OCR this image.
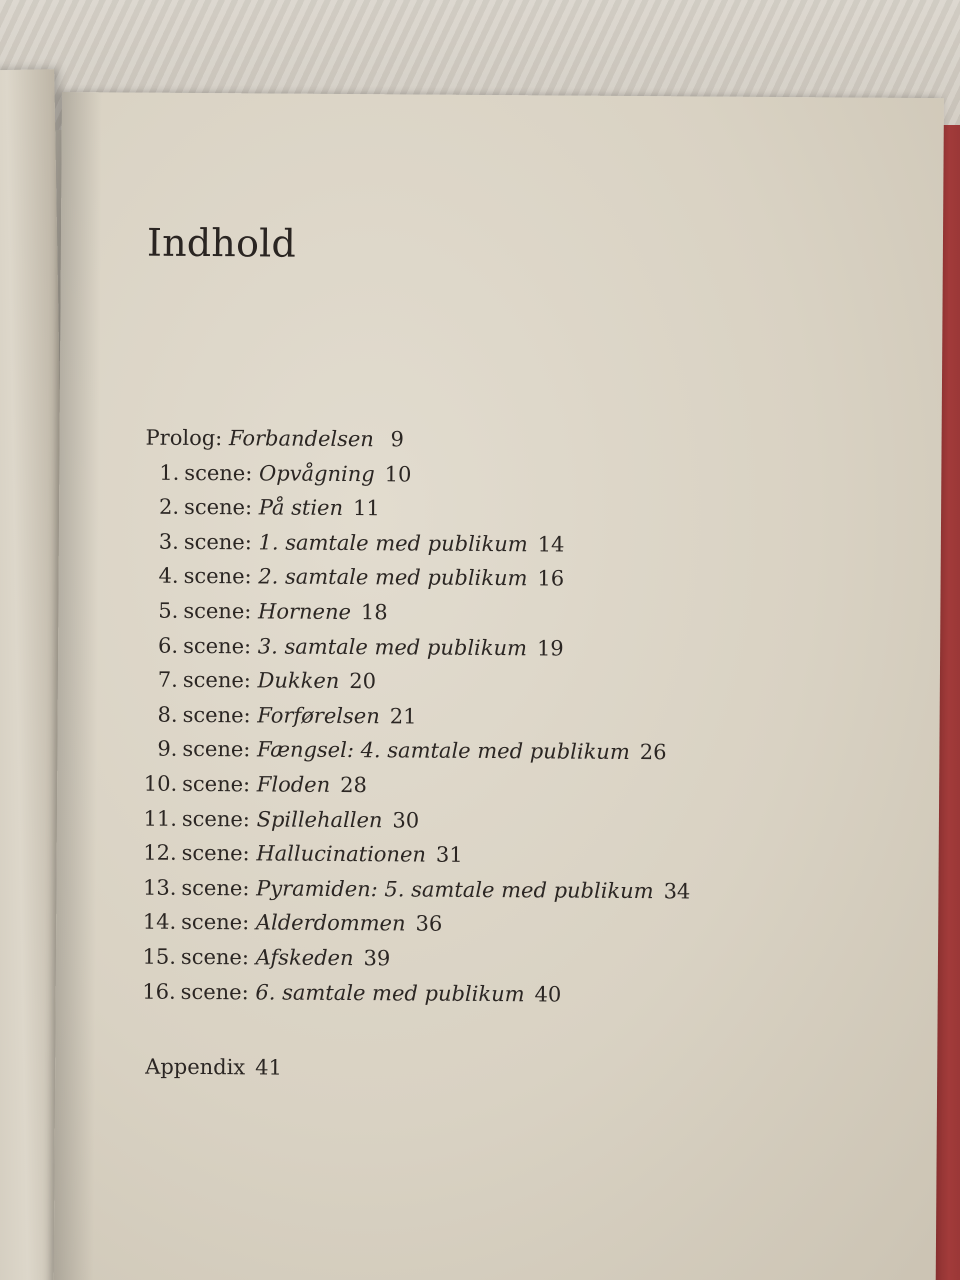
Indhold
Prolog: Forbandelsen 9
1. scene: Opvågning 10
2. scene: På stien 11
3. scene: 1. samtale med publikum 14
4. scene: 2. samtale med publikum 16
5. scene: Hornene 18
6. scene: 3. samtale med publikum 19
7. scene: Dukken 20
8. scene: Forførelsen 21
9. scene: Fængsel: 4. samtale med publikum 26
10. scene: Floden 28
11. scene: Spillehallen 30
12. scene: Hallucinationen 31
13. scene: Pyramiden: 5. samtale med publikum 34
14. scene: Alderdommen 36
15. scene: Afskeden 39
16. scene: 6. samtale med publikum 40
Appendix 41
